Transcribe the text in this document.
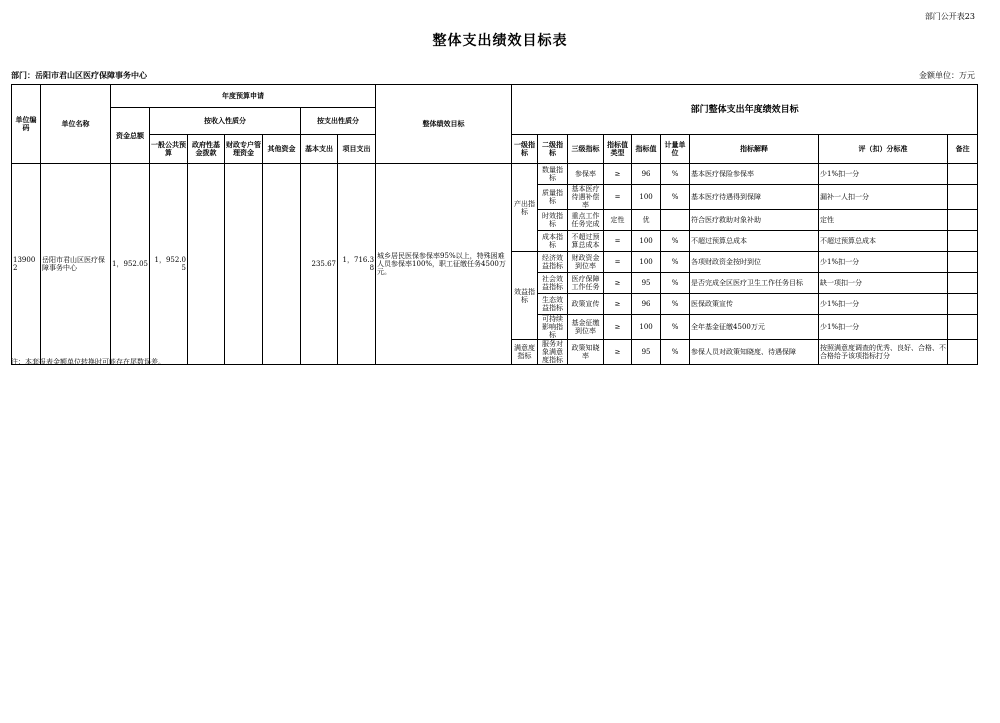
部门公开表23
整体支出绩效目标表
部门：岳阳市君山区医疗保障事务中心	金额单位：万元
单位编码	单位名称	年度预算申请							整体绩效目标	部门整体支出年度绩效目标								
		资金总额	按收入性质分				按支出性质分											
			一般公共预算	政府性基金拨款	财政专户管理资金	其他资金	基本支出	项目支出		一级指标	二级指标	三级指标	指标值类型	指标值	计量单位	指标解释	评（扣）分标准	备注
139002	岳阳市君山区医疗保障事务中心	1，952.05	1，952.05				235.67	1，716.38	城乡居民医保参保率95%以上，特殊困难人员参保率100%，职工征缴任务4500万元。	产出指标	数量指标	参保率	≥	96	%	基本医疗保险参保率	少1%扣一分	
											质量指标	基本医疗待遇补偿率	=	100	%	基本医疗待遇得到保障	漏补一人扣一分	
											时效指标	重点工作任务完成	定性	优		符合医疗救助对象补助	定性	
											成本指标	不超过预算总成本	=	100	%	不超过预算总成本	不超过预算总成本	
										效益指标	经济效益指标	财政资金到位率	=	100	%	各项财政资金按时到位	少1%扣一分	
											社会效益指标	医疗保障工作任务	≥	95	%	是否完成全区医疗卫生工作任务目标	缺一项扣一分	
											生态效益指标	政策宣传	≥	96	%	医保政策宣传	少1%扣一分	
											可持续影响指标	基金征缴到位率	≥	100	%	全年基金征缴4500万元	少1%扣一分	
										满意度指标	服务对象满意度指标	政策知晓率	≥	95	%	参保人员对政策知晓度、待遇保障	按照满意度调查的优秀、良好、合格、不合格给予该项指标打分	
注：本套报表金额单位转换时可能存在尾数误差。
